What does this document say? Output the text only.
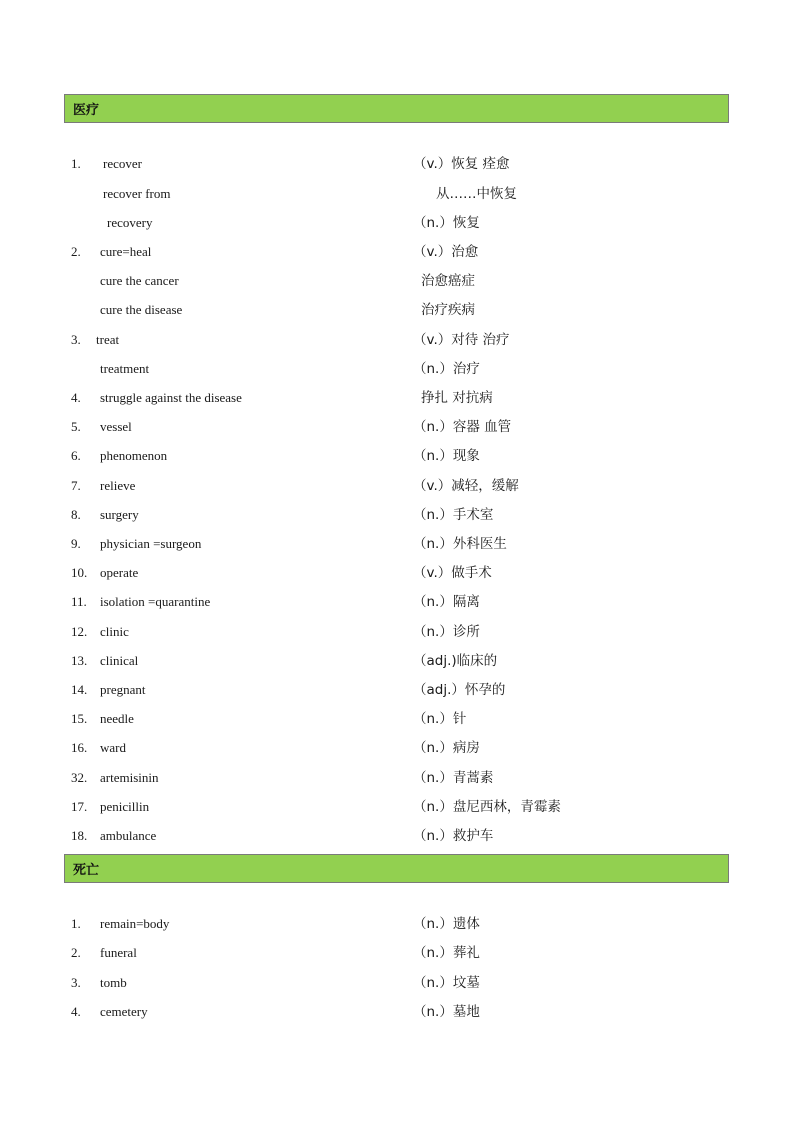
医疗
1. recover	（v.）恢复 痊愈
recover from	从……中恢复
recovery	（n.）恢复
2. cure=heal	（v.）治愈
cure the cancer	治愈癌症
cure the disease	治疗疾病
3. treat	（v.）对待 治疗
treatment	（n.）治疗
4. struggle against the disease	挣扎 对抗病
5. vessel	（n.）容器 血管
6. phenomenon	（n.）现象
7. relieve	（v.）减轻，缓解
8. surgery	（n.）手术室
9. physician =surgeon	（n.）外科医生
10. operate	（v.）做手术
11. isolation =quarantine	（n.）隔离
12. clinic	（n.）诊所
13. clinical	（adj.)临床的
14. pregnant	（adj.）怀孕的
15. needle	（n.）针
16. ward	（n.）病房
32. artemisinin	（n.）青蒿素
17. penicillin	（n.）盘尼西林，青霉素
18. ambulance	（n.）救护车
死亡
1. remain=body	（n.）遗体
2. funeral	（n.）葬礼
3. tomb	（n.）坟墓
4. cemetery	（n.）墓地
